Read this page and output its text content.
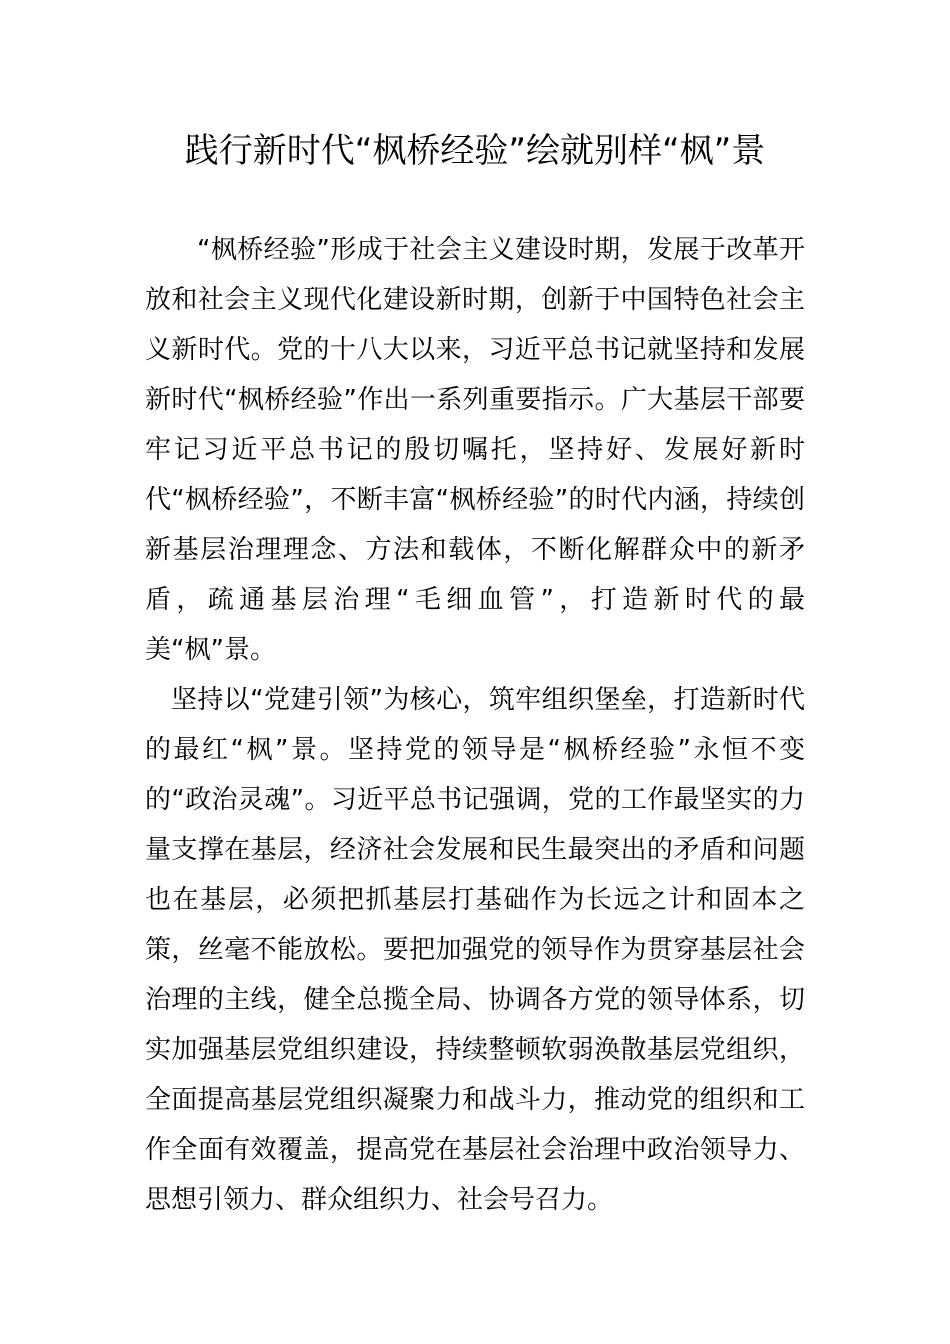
践行新时代“枫桥经验”绘就别样“枫”景

“枫桥经验”形成于社会主义建设时期，发展于改革开放和社会主义现代化建设新时期，创新于中国特色社会主义新时代。党的十八大以来，习近平总书记就坚持和发展新时代“枫桥经验”作出一系列重要指示。广大基层干部要牢记习近平总书记的殷切嘱托，坚持好、发展好新时代“枫桥经验”，不断丰富“枫桥经验”的时代内涵，持续创新基层治理理念、方法和载体，不断化解群众中的新矛盾，疏通基层治理“毛细血管”，打造新时代的最美“枫”景。

坚持以“党建引领”为核心，筑牢组织堡垒，打造新时代的最红“枫”景。坚持党的领导是“枫桥经验”永恒不变的“政治灵魂”。习近平总书记强调，党的工作最坚实的力量支撑在基层，经济社会发展和民生最突出的矛盾和问题也在基层，必须把抓基层打基础作为长远之计和固本之策，丝毫不能放松。要把加强党的领导作为贯穿基层社会治理的主线，健全总揽全局、协调各方党的领导体系，切实加强基层党组织建设，持续整顿软弱涣散基层党组织，全面提高基层党组织凝聚力和战斗力，推动党的组织和工作全面有效覆盖，提高党在基层社会治理中政治领导力、思想引领力、群众组织力、社会号召力。
